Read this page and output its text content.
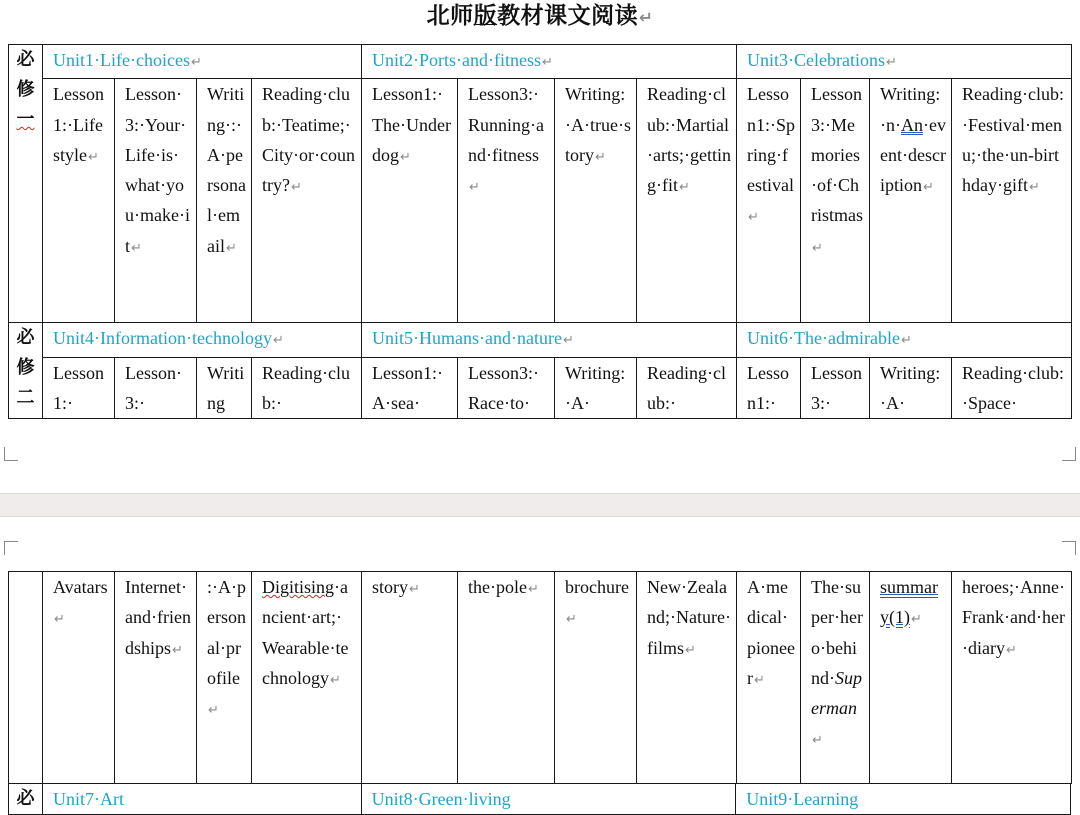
北师版教材课文阅读↵
必
修
一	Unit1·Life·choices↵				Unit2·Ports·and·fitness↵				Unit3·Celebrations↵			
	Lesson1:·Lifestyle↵	Lesson·3:·Your·Life·is·what·you·make·it↵	Writing·:·A·personal·email↵	Reading·club:·Teatime;·City·or·country?↵	Lesson1:·The·Underdog↵	Lesson3:·Running·and·fitness↵	Writing:·A·true·story↵	Reading·club:·Martial·arts;·getting·fit↵	Lesson1:·Spring·festival↵	Lesson3:·Memories·of·Christmas↵	Writing:·n·An·event·description↵	Reading·club:·Festival·menu;·the·un-birthday·gift↵

必
修
二	Unit4·Information·technology↵				Unit5·Humans·and·nature↵				Unit6·The·admirable↵			
	Lesson1:·	Lesson·3:·	Writing	Reading·club:·	Lesson1:·A·sea·	Lesson3:·Race·to·	Writing:·A·	Reading·club:·	Lesson1:·	Lesson3:·	Writing:·A·	Reading·club:·Space·
	Avatars↵	Internet·and·friendships↵	:·A·personal·profile↵	Digitising·ancient·art;·Wearable·technology↵	story↵	the·pole↵	brochure↵	New·Zealand;·Nature·films↵	A·medical·pioneer↵	The·super·hero·behind·Superman↵	summary(1)↵	heroes;·Anne·Frank·and·her·diary↵
必	Unit7·Art	Unit8·Green·living	Unit9·Learning
